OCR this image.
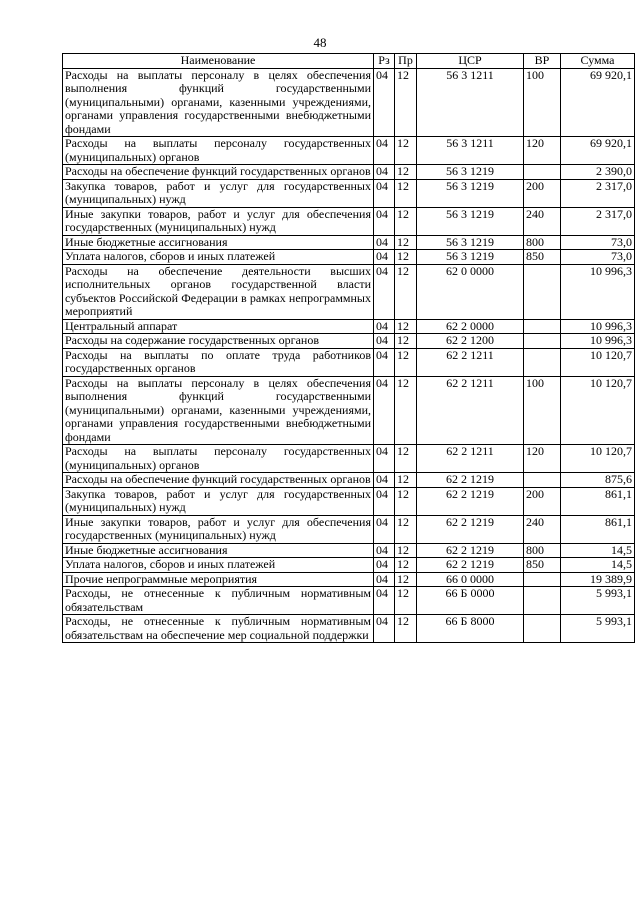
48
Наименование	Рз	Пр	ЦСР	ВР	Сумма
Расходы на выплаты персоналу в целях обеспечения выполнения функций государственными (муниципальными) органами, казенными учреждениями, органами управления государственными внебюджетными фондами	04	12	56 3 1211	100	69 920,1
Расходы на выплаты персоналу государственных (муниципальных) органов	04	12	56 3 1211	120	69 920,1
Расходы на обеспечение функций государственных органов	04	12	56 3 1219		2 390,0
Закупка товаров, работ и услуг для государственных (муниципальных) нужд	04	12	56 3 1219	200	2 317,0
Иные закупки товаров, работ и услуг для обеспечения государственных (муниципальных) нужд	04	12	56 3 1219	240	2 317,0
Иные бюджетные ассигнования	04	12	56 3 1219	800	73,0
Уплата налогов, сборов и иных платежей	04	12	56 3 1219	850	73,0
Расходы на обеспечение деятельности высших исполнительных органов государственной власти субъектов Российской Федерации в рамках непрограммных мероприятий	04	12	62 0 0000		10 996,3
Центральный аппарат	04	12	62 2 0000		10 996,3
Расходы на содержание государственных органов	04	12	62 2 1200		10 996,3
Расходы на выплаты по оплате труда работников государственных органов	04	12	62 2 1211		10 120,7
Расходы на выплаты персоналу в целях обеспечения выполнения функций государственными (муниципальными) органами, казенными учреждениями, органами управления государственными внебюджетными фондами	04	12	62 2 1211	100	10 120,7
Расходы на выплаты персоналу государственных (муниципальных) органов	04	12	62 2 1211	120	10 120,7
Расходы на обеспечение функций государственных органов	04	12	62 2 1219		875,6
Закупка товаров, работ и услуг для государственных (муниципальных) нужд	04	12	62 2 1219	200	861,1
Иные закупки товаров, работ и услуг для обеспечения государственных (муниципальных) нужд	04	12	62 2 1219	240	861,1
Иные бюджетные ассигнования	04	12	62 2 1219	800	14,5
Уплата налогов, сборов и иных платежей	04	12	62 2 1219	850	14,5
Прочие непрограммные мероприятия	04	12	66 0 0000		19 389,9
Расходы, не отнесенные к публичным нормативным обязательствам	04	12	66 Б 0000		5 993,1
Расходы, не отнесенные к публичным нормативным обязательствам на обеспечение мер социальной поддержки	04	12	66 Б 8000		5 993,1
